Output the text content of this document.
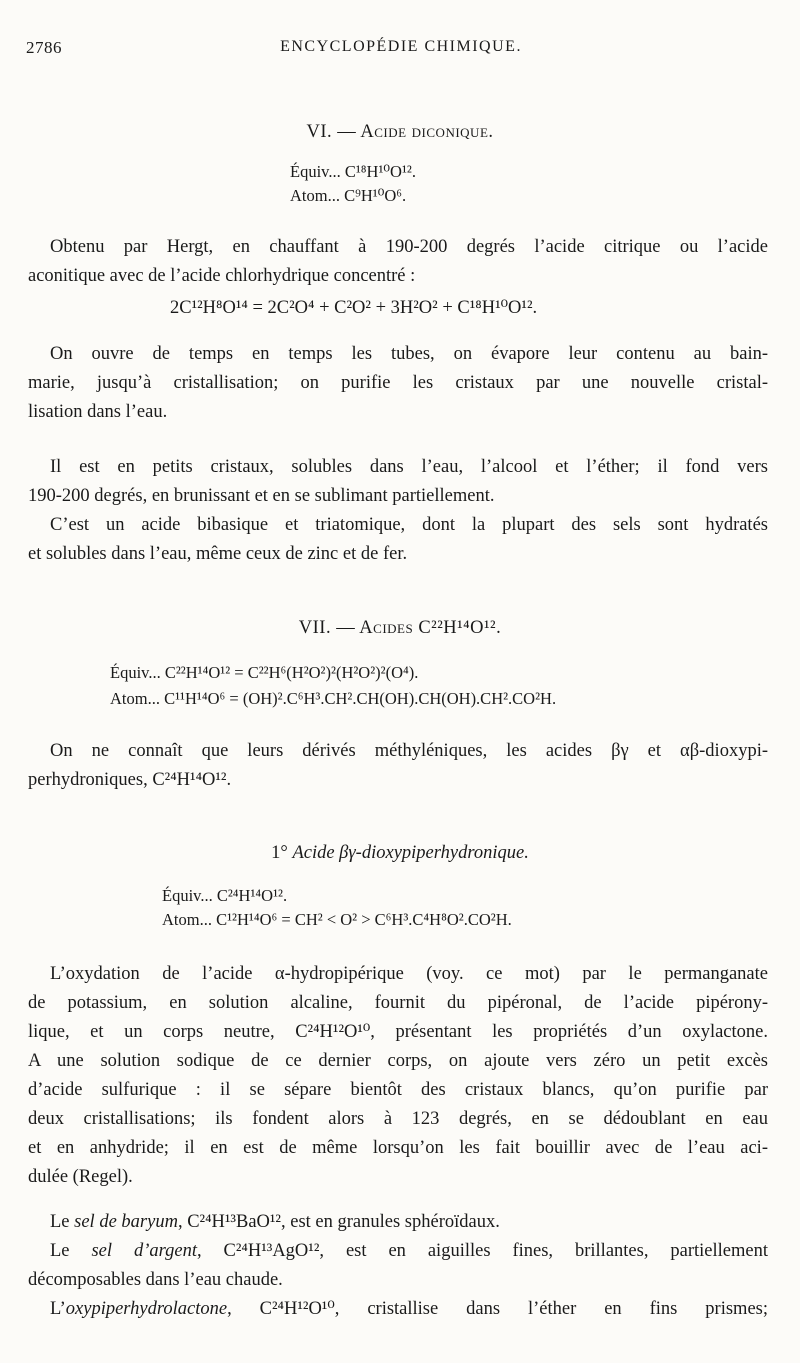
2786	ENCYCLOPÉDIE CHIMIQUE.
VI. — Acide diconique.
Équiv... C¹⁸H¹⁰O¹².
Atom... C⁹H¹⁰O⁶.
Obtenu par Hergt, en chauffant à 190-200 degrés l’acide citrique ou l’acide
aconitique avec de l’acide chlorhydrique concentré :
2C¹²H⁸O¹⁴ = 2C²O⁴ + C²O² + 3H²O² + C¹⁸H¹⁰O¹².
On ouvre de temps en temps les tubes, on évapore leur contenu au bain-
marie, jusqu’à cristallisation; on purifie les cristaux par une nouvelle cristal-
lisation dans l’eau.
Il est en petits cristaux, solubles dans l’eau, l’alcool et l’éther; il fond vers
190-200 degrés, en brunissant et en se sublimant partiellement.
C’est un acide bibasique et triatomique, dont la plupart des sels sont hydratés
et solubles dans l’eau, même ceux de zinc et de fer.
VII. — Acides C²²H¹⁴O¹².
Équiv... C²²H¹⁴O¹² = C²²H⁶(H²O²)²(H²O²)²(O⁴).
Atom... C¹¹H¹⁴O⁶ = (OH)².C⁶H³.CH².CH(OH).CH(OH).CH².CO²H.
On ne connaît que leurs dérivés méthyléniques, les acides βγ et αβ-dioxypi-
perhydroniques, C²⁴H¹⁴O¹².
1° Acide βγ-dioxypiperhydronique.
Équiv... C²⁴H¹⁴O¹².
Atom... C¹²H¹⁴O⁶ = CH² < O² > C⁶H³.C⁴H⁸O².CO²H.
L’oxydation de l’acide α-hydropipérique (voy. ce mot) par le permanganate
de potassium, en solution alcaline, fournit du pipéronal, de l’acide pipérony-
lique, et un corps neutre, C²⁴H¹²O¹⁰, présentant les propriétés d’un oxylactone.
A une solution sodique de ce dernier corps, on ajoute vers zéro un petit excès
d’acide sulfurique : il se sépare bientôt des cristaux blancs, qu’on purifie par
deux cristallisations; ils fondent alors à 123 degrés, en se dédoublant en eau
et en anhydride; il en est de même lorsqu’on les fait bouillir avec de l’eau aci-
dulée (Regel).
Le sel de baryum, C²⁴H¹³BaO¹², est en granules sphéroïdaux.
Le sel d’argent, C²⁴H¹³AgO¹², est en aiguilles fines, brillantes, partiellement
décomposables dans l’eau chaude.
L’oxypiperhydrolactone, C²⁴H¹²O¹⁰, cristallise dans l’éther en fins prismes;
